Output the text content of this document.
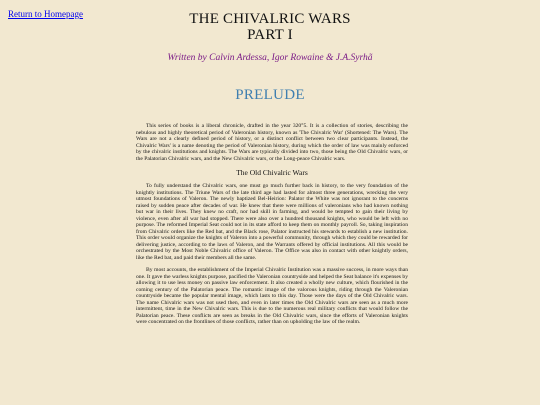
Return to Homepage	THE CHIVALRIC WARS
PART I
Written by Calvin Ardessa, Igor Rowaine & J.A.Syrhã
PRELUDE

This series of books is a liberal chronicle, drafted in the year 320°5. It is a collection of stories, describing the nebulous and highly theoretical period of Valeronian history, known as 'The Chivalric War' (Shortened: The Wars). The Wars are not a clearly defined period of history, or a distinct conflict between two clear participants. Instead, the Chivalric Wars' is a name denoting the period of Valeronian history, during which the order of law was mainly enforced by the chivalric institutions and knights. The Wars are typically divided into two, those being the Old Chivalric wars, or the Palatorian Chivalric wars, and the New Chivalric wars, or the Long-peace Chivalric wars.

The Old Chivalric Wars

To fully understand the Chivalric wars, one must go much further back in history, to the very foundation of the knightly institutions. The Triune Wars of the late third age had lasted for almost three generations, wrecking the very utmost foundations of Valeron. The newly baptized Bel-Heirion: Palator the White was not ignorant to the concerns raised by sudden peace after decades of war. He knew that there were millions of valeronians who had known nothing but war in their lives. They knew no craft, nor had skill in farming, and would be tempted to gain their living by violence, even after all war had stopped. There were also over a hundred thousand knights, who would be left with no purpose. The reformed Imperial Seat could not in its state afford to keep them on monthly payroll. So, taking inspiration from Chivalric orders like the Red bat, and the Black rose, Palator instructed his stewards to establish a new institution. This order would organize the knights of Valeron into a powerful community, through which they could be rewarded for delivering justice, according to the laws of Valeron, and the Warrants offered by official institutions. All this would be orchestrated by the Most Noble Chivalric office of Valeron. The Office was also in contact with other knightly orders, like the Red bat, and paid their members all the same.

By most accounts, the establishment of the Imperial Chivalric Institution was a massive success, in more ways than one. It gave the warless knights purpose, pacified the Valeronian countryside and helped the Seat balance it's expenses by allowing it to use less money on passive law enforcement. It also created a wholly new culture, which flourished in the coming century of the Palatorian peace. The romantic image of the valorous knights, riding through the Valeronian countryside became the popular mental image, which lasts to this day. Those were the days of the Old Chivalric wars. The name Chivalric wars was not used then, and even in later times the Old Chivalric wars are seen as a much more intermittent, time in the New Chivalric wars. This is due to the numerous real military conflicts that would follow the Palatorian peace. These conflicts are seen as breaks in the Old Chivalric wars, since the efforts of Valeronian knights were concentrated on the frontlines of those conflicts, rather than on upholding the law of the realm.
